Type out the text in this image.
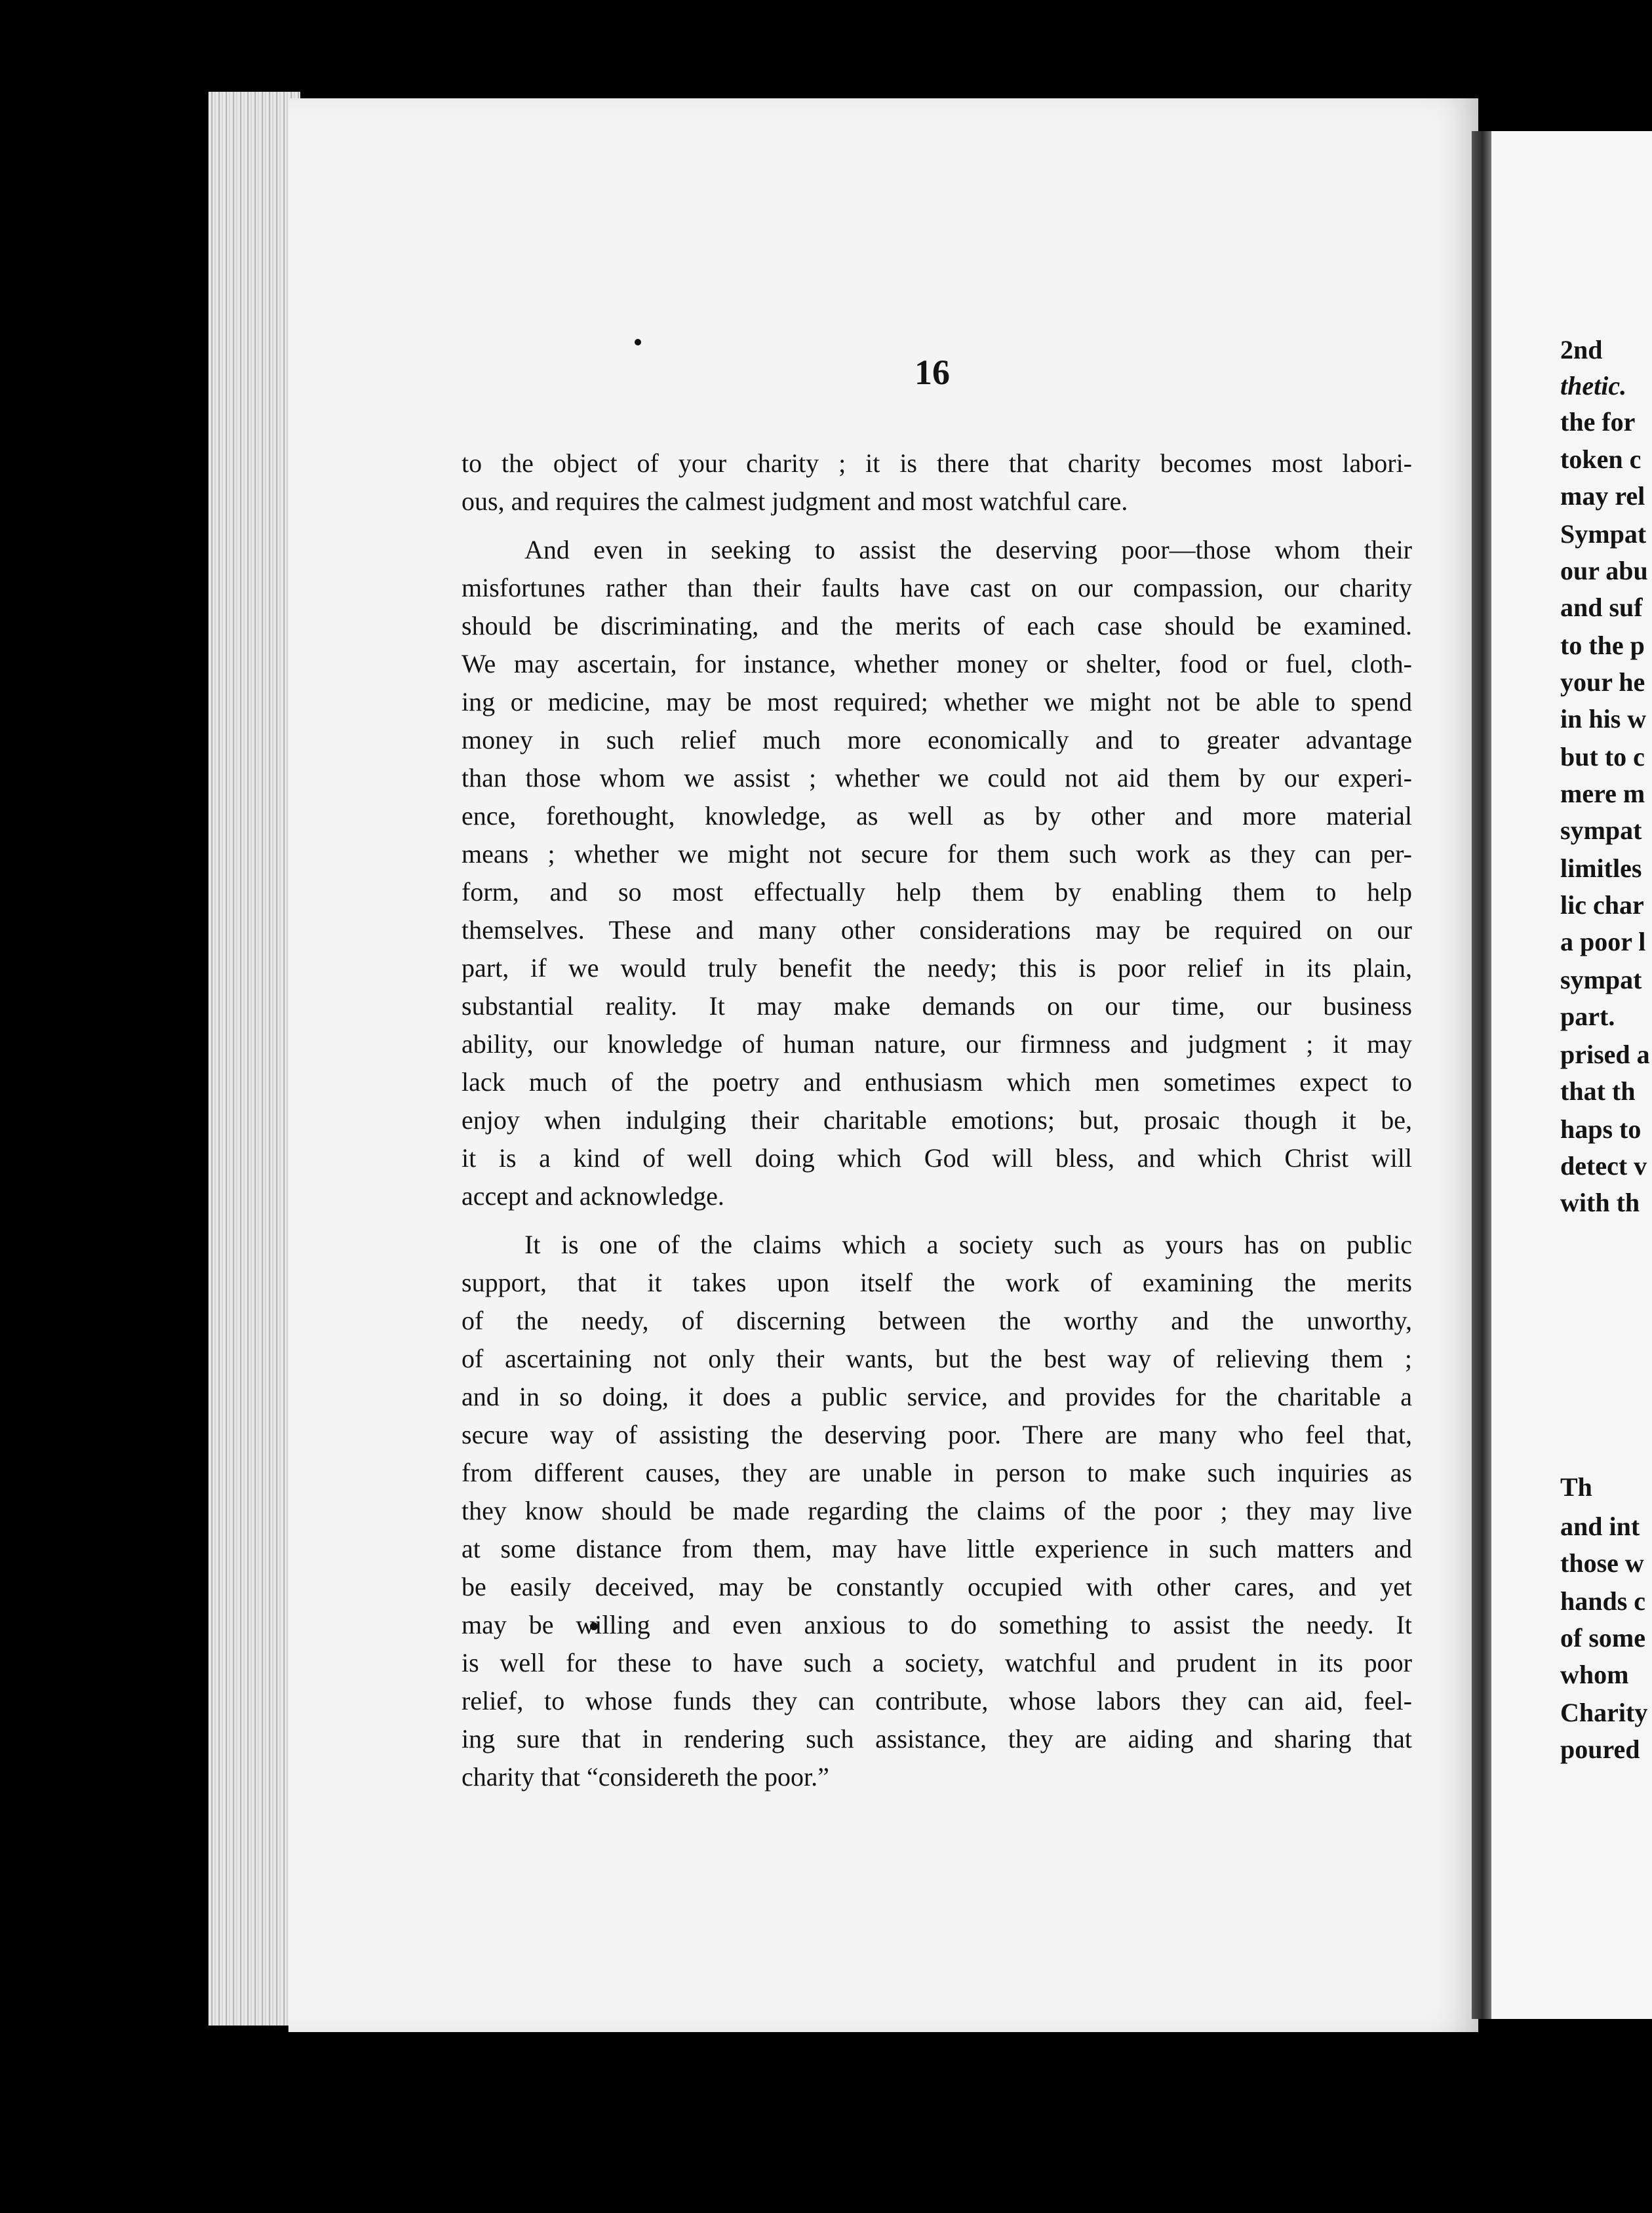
2nd
thetic.
the for
token c
may rel
Sympat
our abu
and suf
to the p
your he
in his w
but to c
mere m
sympat
limitles
lic char
a poor l
sympat
part.
prised a
that th
haps to
detect v
with th
Th
and int
those w
hands c
of some
whom
Charity
poured
16
to the object of your charity ; it is there that charity becomes most labori-
ous, and requires the calmest judgment and most watchful care.
And even in seeking to assist the deserving poor—those whom their
misfortunes rather than their faults have cast on our compassion, our charity
should be discriminating, and the merits of each case should be examined.
We may ascertain, for instance, whether money or shelter, food or fuel, cloth-
ing or medicine, may be most required; whether we might not be able to spend
money in such relief much more economically and to greater advantage
than those whom we assist ; whether we could not aid them by our experi-
ence, forethought, knowledge, as well as by other and more material
means ; whether we might not secure for them such work as they can per-
form, and so most effectually help them by enabling them to help
themselves. These and many other considerations may be required on our
part, if we would truly benefit the needy; this is poor relief in its plain,
substantial reality. It may make demands on our time, our business
ability, our knowledge of human nature, our firmness and judgment ; it may
lack much of the poetry and enthusiasm which men sometimes expect to
enjoy when indulging their charitable emotions; but, prosaic though it be,
it is a kind of well doing which God will bless, and which Christ will
accept and acknowledge.
It is one of the claims which a society such as yours has on public
support, that it takes upon itself the work of examining the merits
of the needy, of discerning between the worthy and the unworthy,
of ascertaining not only their wants, but the best way of relieving them ;
and in so doing, it does a public service, and provides for the charitable a
secure way of assisting the deserving poor. There are many who feel that,
from different causes, they are unable in person to make such inquiries as
they know should be made regarding the claims of the poor ; they may live
at some distance from them, may have little experience in such matters and
be easily deceived, may be constantly occupied with other cares, and yet
may be willing and even anxious to do something to assist the needy. It
is well for these to have such a society, watchful and prudent in its poor
relief, to whose funds they can contribute, whose labors they can aid, feel-
ing sure that in rendering such assistance, they are aiding and sharing that
charity that “considereth the poor.”
